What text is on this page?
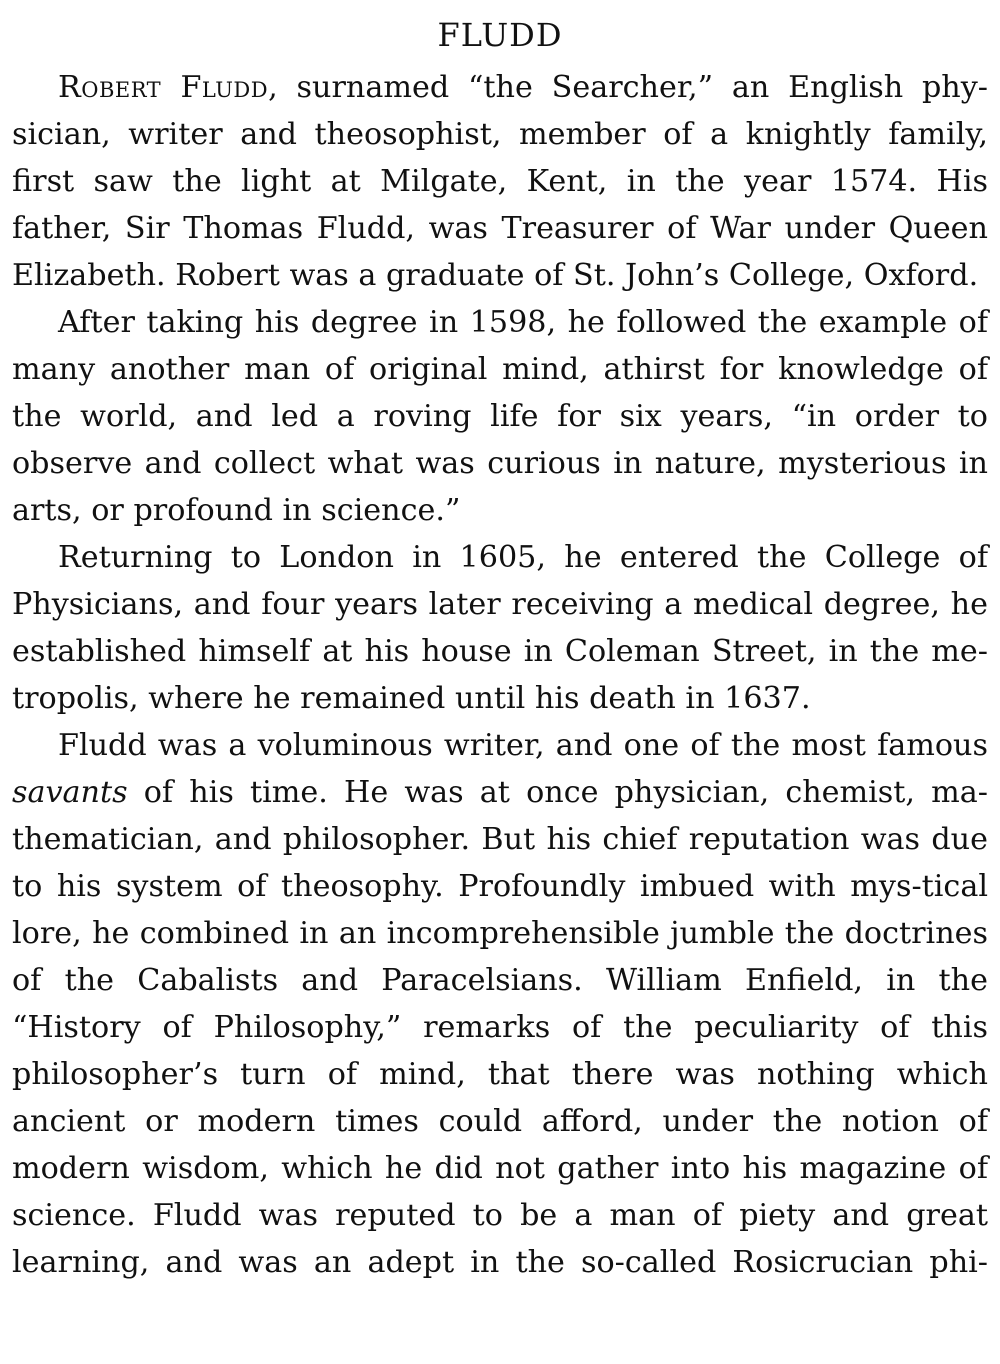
FLUDD

Robert Fludd, surnamed “the Searcher,” an English phy-sician, writer and theosophist, member of a knightly family, first saw the light at Milgate, Kent, in the year 1574. His father, Sir Thomas Fludd, was Treasurer of War under Queen Elizabeth. Robert was a graduate of St. John’s College, Oxford.

After taking his degree in 1598, he followed the example of many another man of original mind, athirst for knowledge of the world, and led a roving life for six years, “in order to observe and collect what was curious in nature, mysterious in arts, or profound in science.”

Returning to London in 1605, he entered the College of Physicians, and four years later receiving a medical degree, he established himself at his house in Coleman Street, in the me-tropolis, where he remained until his death in 1637.

Fludd was a voluminous writer, and one of the most famous savants of his time. He was at once physician, chemist, ma-thematician, and philosopher. But his chief reputation was due to his system of theosophy. Profoundly imbued with mys-tical lore, he combined in an incomprehensible jumble the doctrines of the Cabalists and Paracelsians. William Enfield, in the “History of Philosophy,” remarks of the peculiarity of this philosopher’s turn of mind, that there was nothing which ancient or modern times could afford, under the notion of modern wisdom, which he did not gather into his magazine of science. Fludd was reputed to be a man of piety and great learning, and was an adept in the so-called Rosicrucian phi-
